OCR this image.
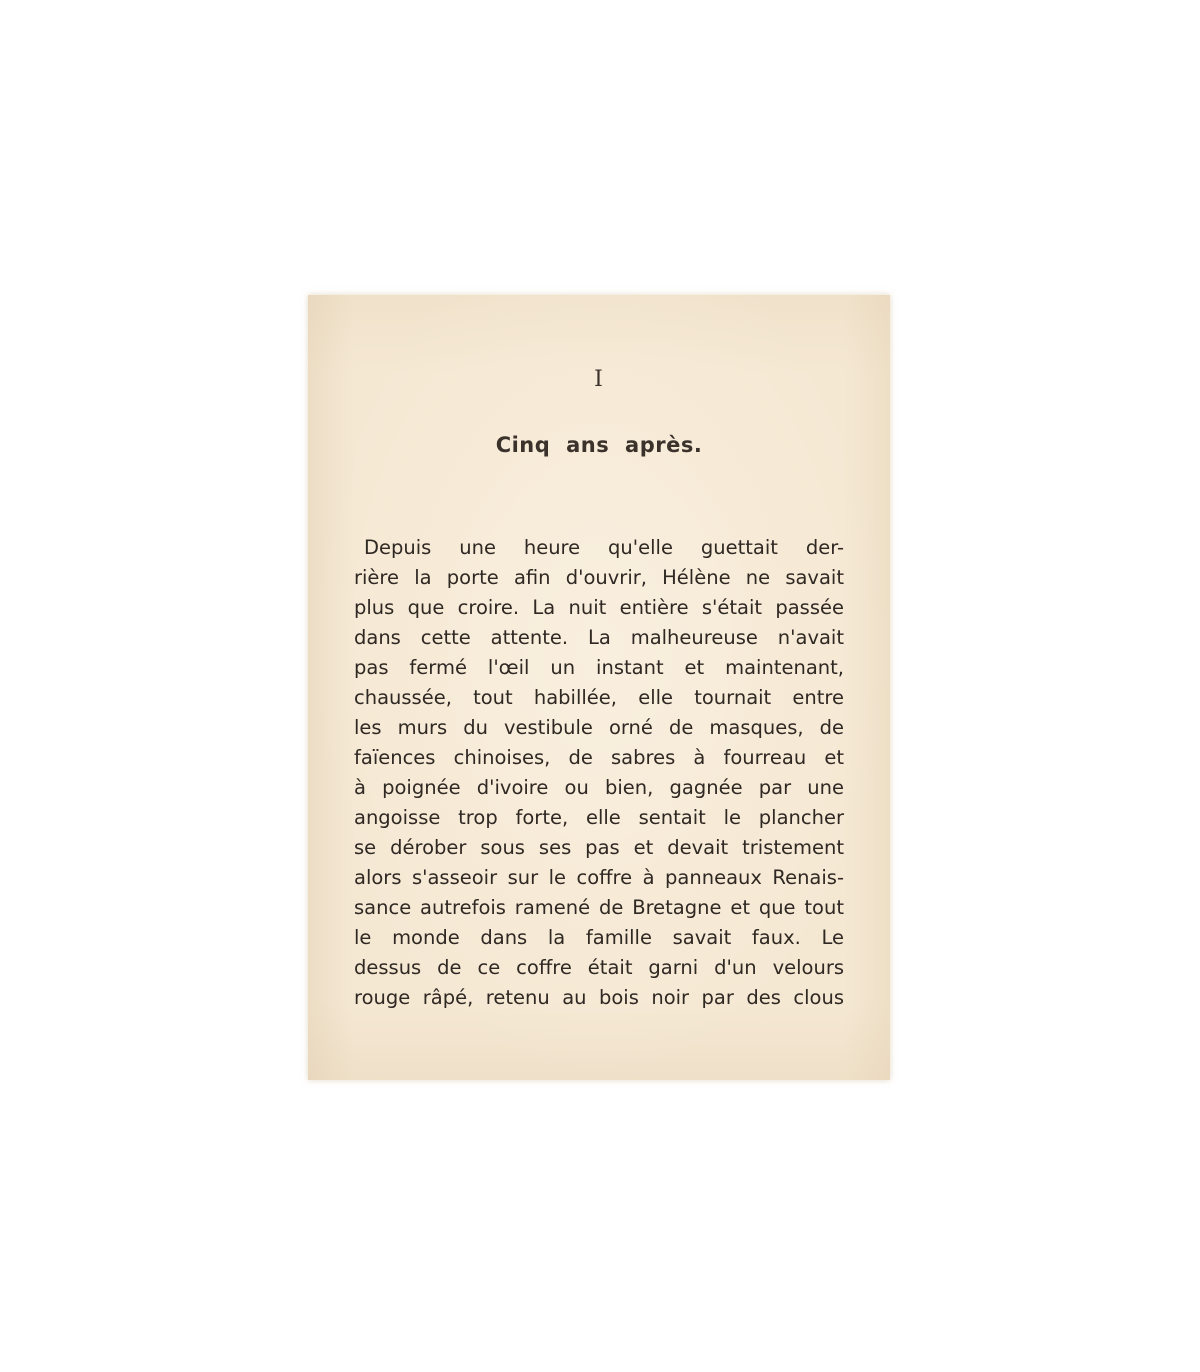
I
Cinq ans après.
Depuis une heure qu'elle guettait der-
rière la porte afin d'ouvrir, Hélène ne savait
plus que croire. La nuit entière s'était passée
dans cette attente. La malheureuse n'avait
pas fermé l'œil un instant et maintenant,
chaussée, tout habillée, elle tournait entre
les murs du vestibule orné de masques, de
faïences chinoises, de sabres à fourreau et
à poignée d'ivoire ou bien, gagnée par une
angoisse trop forte, elle sentait le plancher
se dérober sous ses pas et devait tristement
alors s'asseoir sur le coffre à panneaux Renais-
sance autrefois ramené de Bretagne et que tout
le monde dans la famille savait faux. Le
dessus de ce coffre était garni d'un velours
rouge râpé, retenu au bois noir par des clous
